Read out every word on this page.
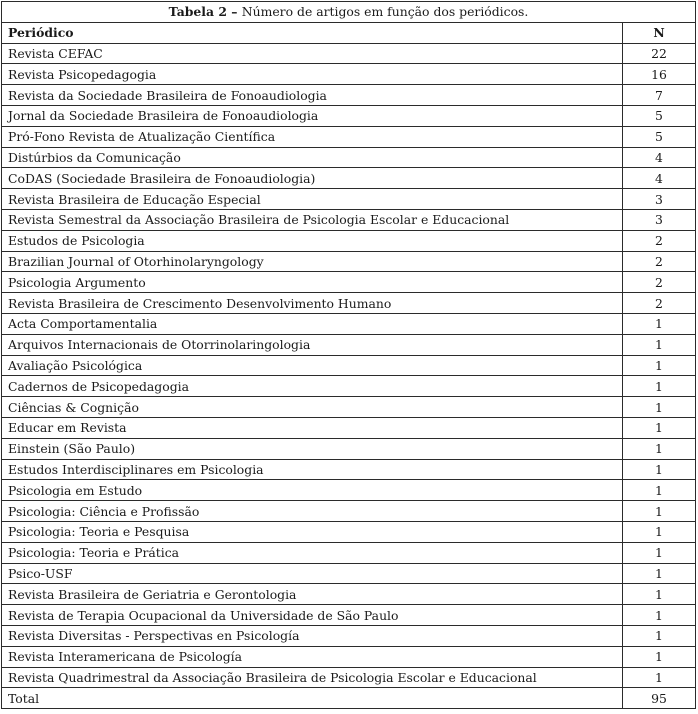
Tabela 2 – Número de artigos em função dos periódicos.	
Periódico	N
Revista CEFAC	22
Revista Psicopedagogia	16
Revista da Sociedade Brasileira de Fonoaudiologia	7
Jornal da Sociedade Brasileira de Fonoaudiologia	5
Pró-Fono Revista de Atualização Científica	5
Distúrbios da Comunicação	4
CoDAS (Sociedade Brasileira de Fonoaudiologia)	4
Revista Brasileira de Educação Especial	3
Revista Semestral da Associação Brasileira de Psicologia Escolar e Educacional	3
Estudos de Psicologia	2
Brazilian Journal of Otorhinolaryngology	2
Psicologia Argumento	2
Revista Brasileira de Crescimento Desenvolvimento Humano	2
Acta Comportamentalia	1
Arquivos Internacionais de Otorrinolaringologia	1
Avaliação Psicológica	1
Cadernos de Psicopedagogia	1
Ciências & Cognição	1
Educar em Revista	1
Einstein (São Paulo)	1
Estudos Interdisciplinares em Psicologia	1
Psicologia em Estudo	1
Psicologia: Ciência e Profissão	1
Psicologia: Teoria e Pesquisa	1
Psicologia: Teoria e Prática	1
Psico-USF	1
Revista Brasileira de Geriatria e Gerontologia	1
Revista de Terapia Ocupacional da Universidade de São Paulo	1
Revista Diversitas - Perspectivas en Psicología	1
Revista Interamericana de Psicología	1
Revista Quadrimestral da Associação Brasileira de Psicologia Escolar e Educacional	1
Total	95
